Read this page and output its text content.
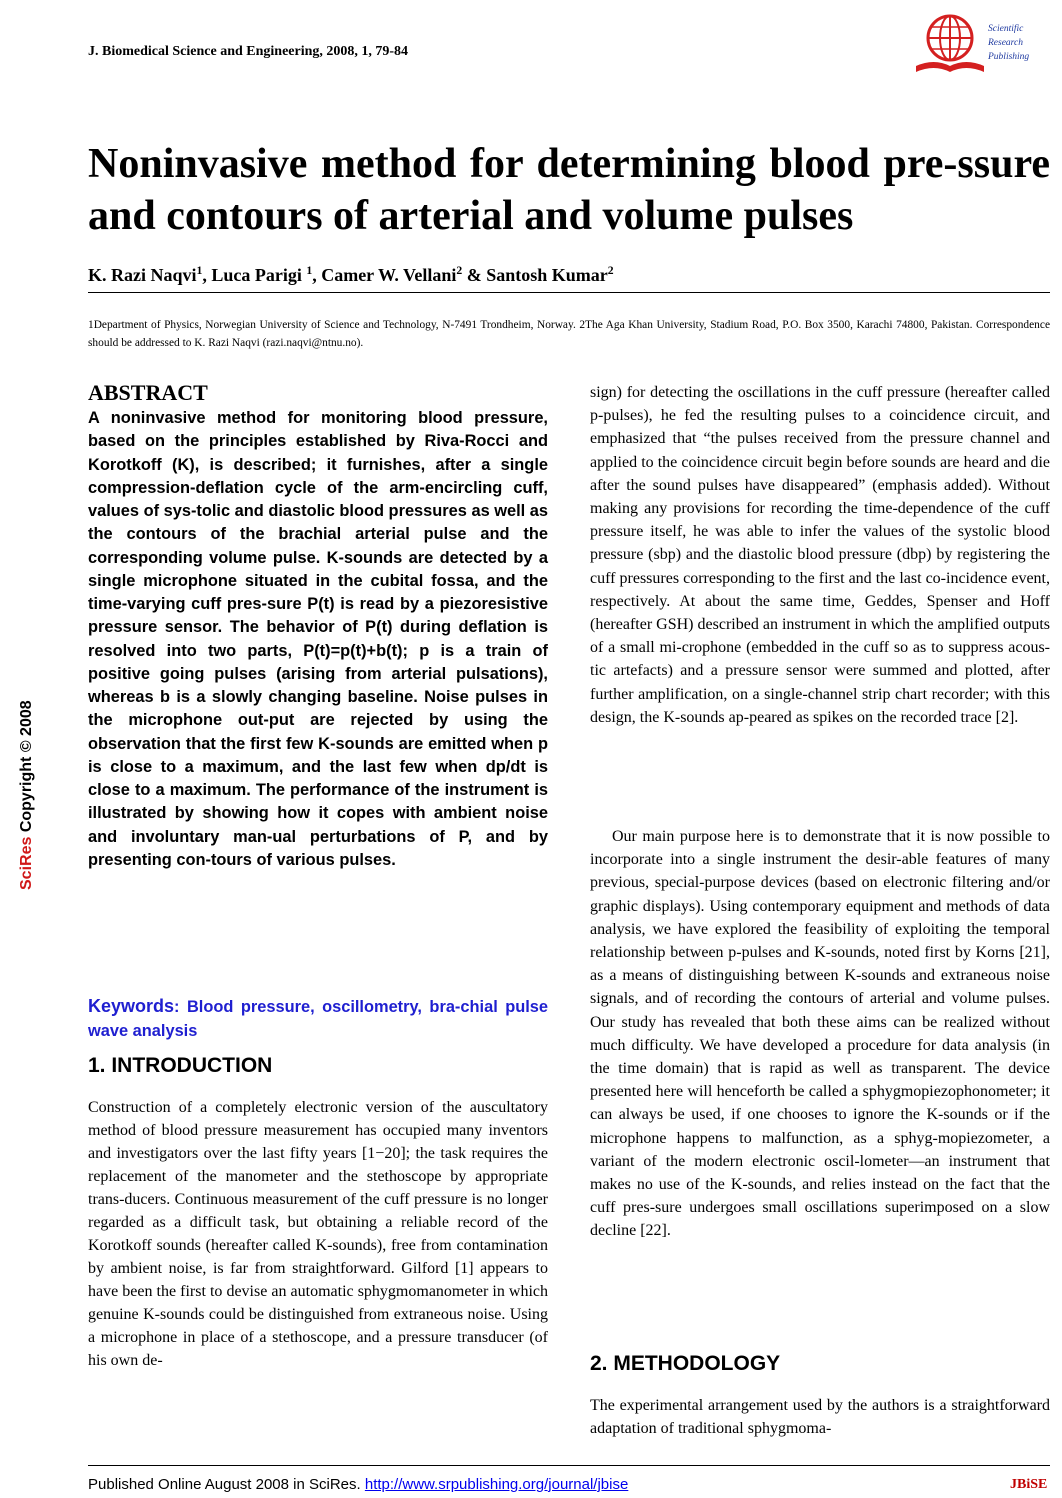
J. Biomedical Science and Engineering, 2008, 1, 79-84
Scientific
Research
Publishing
Noninvasive method for determining blood pre-ssure and contours of arterial and volume pulses
K. Razi Naqvi$^1$, Luca Parigi $^1$, Camer W. Vellani$^2$ & Santosh Kumar$^2$
1Department of Physics, Norwegian University of Science and Technology, N-7491 Trondheim, Norway. 2The Aga Khan University, Stadium Road, P.O. Box 3500, Karachi 74800, Pakistan. Correspondence should be addressed to K. Razi Naqvi (razi.naqvi@ntnu.no).
ABSTRACT
A noninvasive method for monitoring blood pressure, based on the principles established by Riva-Rocci and Korotkoff (K), is described; it furnishes, after a single compression-deflation cycle of the arm-encircling cuff, values of sys-tolic and diastolic blood pressures as well as the contours of the brachial arterial pulse and the corresponding volume pulse. K-sounds are detected by a single microphone situated in the cubital fossa, and the time-varying cuff pres-sure P(t) is read by a piezoresistive pressure sensor. The behavior of P(t) during deflation is resolved into two parts, P(t)=p(t)+b(t); p is a train of positive going pulses (arising from arterial pulsations), whereas b is a slowly changing baseline. Noise pulses in the microphone out-put are rejected by using the observation that the first few K-sounds are emitted when p is close to a maximum, and the last few when dp/dt is close to a maximum. The performance of the instrument is illustrated by showing how it copes with ambient noise and involuntary man-ual perturbations of P, and by presenting con-tours of various pulses.
Keywords: Blood pressure, oscillometry, bra-chial pulse wave analysis
1. INTRODUCTION
Construction of a completely electronic version of the auscultatory method of blood pressure measurement has occupied many inventors and investigators over the last fifty years [1−20]; the task requires the replacement of the manometer and the stethoscope by appropriate trans-ducers. Continuous measurement of the cuff pressure is no longer regarded as a difficult task, but obtaining a reliable record of the Korotkoff sounds (hereafter called K-sounds), free from contamination by ambient noise, is far from straightforward. Gilford [1] appears to have been the first to devise an automatic sphygmomanometer in which genuine K-sounds could be distinguished from extraneous noise. Using a microphone in place of a stethoscope, and a pressure transducer (of his own de-
sign) for detecting the oscillations in the cuff pressure (hereafter called p-pulses), he fed the resulting pulses to a coincidence circuit, and emphasized that “the pulses received from the pressure channel and applied to the coincidence circuit begin before sounds are heard and die after the sound pulses have disappeared” (emphasis added). Without making any provisions for recording the time-dependence of the cuff pressure itself, he was able to infer the values of the systolic blood pressure (sbp) and the diastolic blood pressure (dbp) by registering the cuff pressures corresponding to the first and the last co-incidence event, respectively. At about the same time, Geddes, Spenser and Hoff (hereafter GSH) described an instrument in which the amplified outputs of a small mi-crophone (embedded in the cuff so as to suppress acous-tic artefacts) and a pressure sensor were summed and plotted, after further amplification, on a single-channel strip chart recorder; with this design, the K-sounds ap-peared as spikes on the recorded trace [2].
Our main purpose here is to demonstrate that it is now possible to incorporate into a single instrument the desir-able features of many previous, special-purpose devices (based on electronic filtering and/or graphic displays). Using contemporary equipment and methods of data analysis, we have explored the feasibility of exploiting the temporal relationship between p-pulses and K-sounds, noted first by Korns [21], as a means of distinguishing between K-sounds and extraneous noise signals, and of recording the contours of arterial and volume pulses. Our study has revealed that both these aims can be realized without much difficulty. We have developed a procedure for data analysis (in the time domain) that is rapid as well as transparent. The device presented here will henceforth be called a sphygmopiezophonometer; it can always be used, if one chooses to ignore the K-sounds or if the microphone happens to malfunction, as a sphyg-mopiezometer, a variant of the modern electronic oscil-lometer—an instrument that makes no use of the K-sounds, and relies instead on the fact that the cuff pres-sure undergoes small oscillations superimposed on a slow decline [22].
2. METHODOLOGY
The experimental arrangement used by the authors is a straightforward adaptation of traditional sphygmoma-
SciRes Copyright © 2008
Published Online August 2008 in SciRes. http://www.srpublishing.org/journal/jbise	JBiSE
